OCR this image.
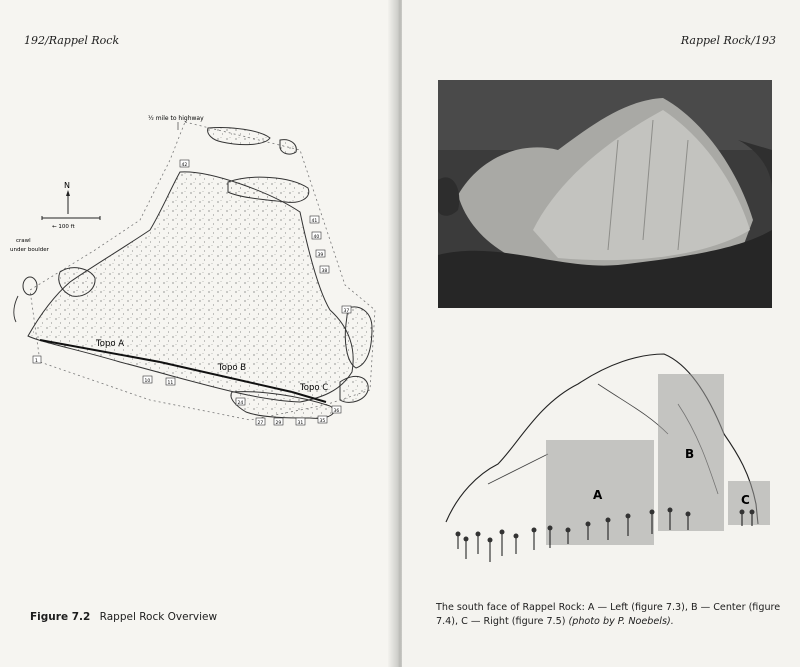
192/Rappel Rock
N
← 100 ft
½ mile to highway
crawl
under boulder
Topo A
Topo B
Topo C
1
10	11
24
27	29	31	35
36
37
38
39
40
41
42
Figure 7.2 Rappel Rock Overview
Rappel Rock/193
A
B
C
The south face of Rappel Rock: A — Left (figure 7.3), B — Center (figure 7.4), C — Right (figure 7.5) (photo by P. Noebels).
